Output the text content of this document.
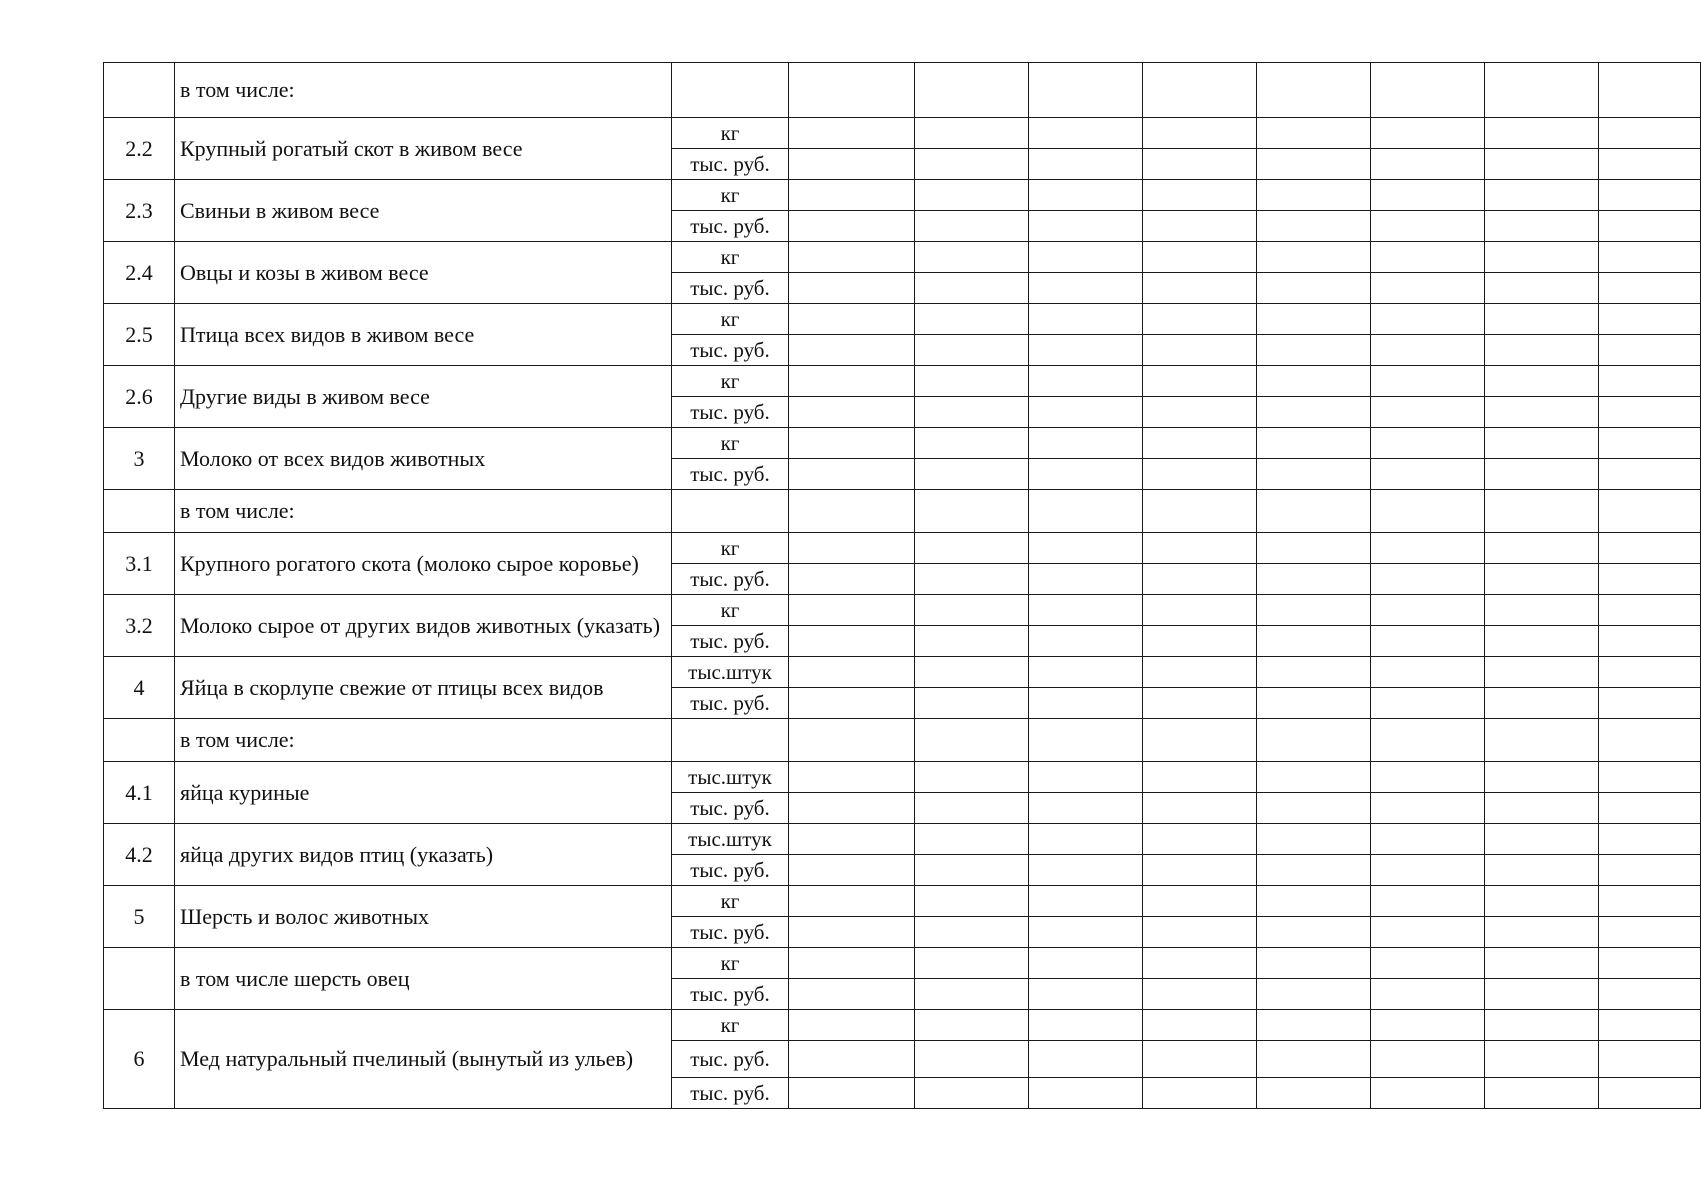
	в том числе:									
2.2	Крупный рогатый скот в живом весе	кг								
		тыс. руб.								
2.3	Свиньи в живом весе	кг								
		тыс. руб.								
2.4	Овцы и козы в живом весе	кг								
		тыс. руб.								
2.5	Птица всех видов в живом весе	кг								
		тыс. руб.								
2.6	Другие виды в живом весе	кг								
		тыс. руб.								
3	Молоко от всех видов животных	кг								
		тыс. руб.								
	в том числе:									
3.1	Крупного рогатого скота (молоко сырое коровье)	кг								
		тыс. руб.								
3.2	Молоко сырое от других видов животных (указать)	кг								
		тыс. руб.								
4	Яйца в скорлупе свежие от птицы всех видов	тыс.штук								
		тыс. руб.								
	в том числе:									
4.1	яйца куриные	тыс.штук								
		тыс. руб.								
4.2	яйца других видов птиц (указать)	тыс.штук								
		тыс. руб.								
5	Шерсть и волос животных	кг								
		тыс. руб.								
	в том числе шерсть овец	кг								
		тыс. руб.								
6	Мед натуральный пчелиный (вынутый из ульев)	кг								
		тыс. руб.								
		тыс. руб.								
